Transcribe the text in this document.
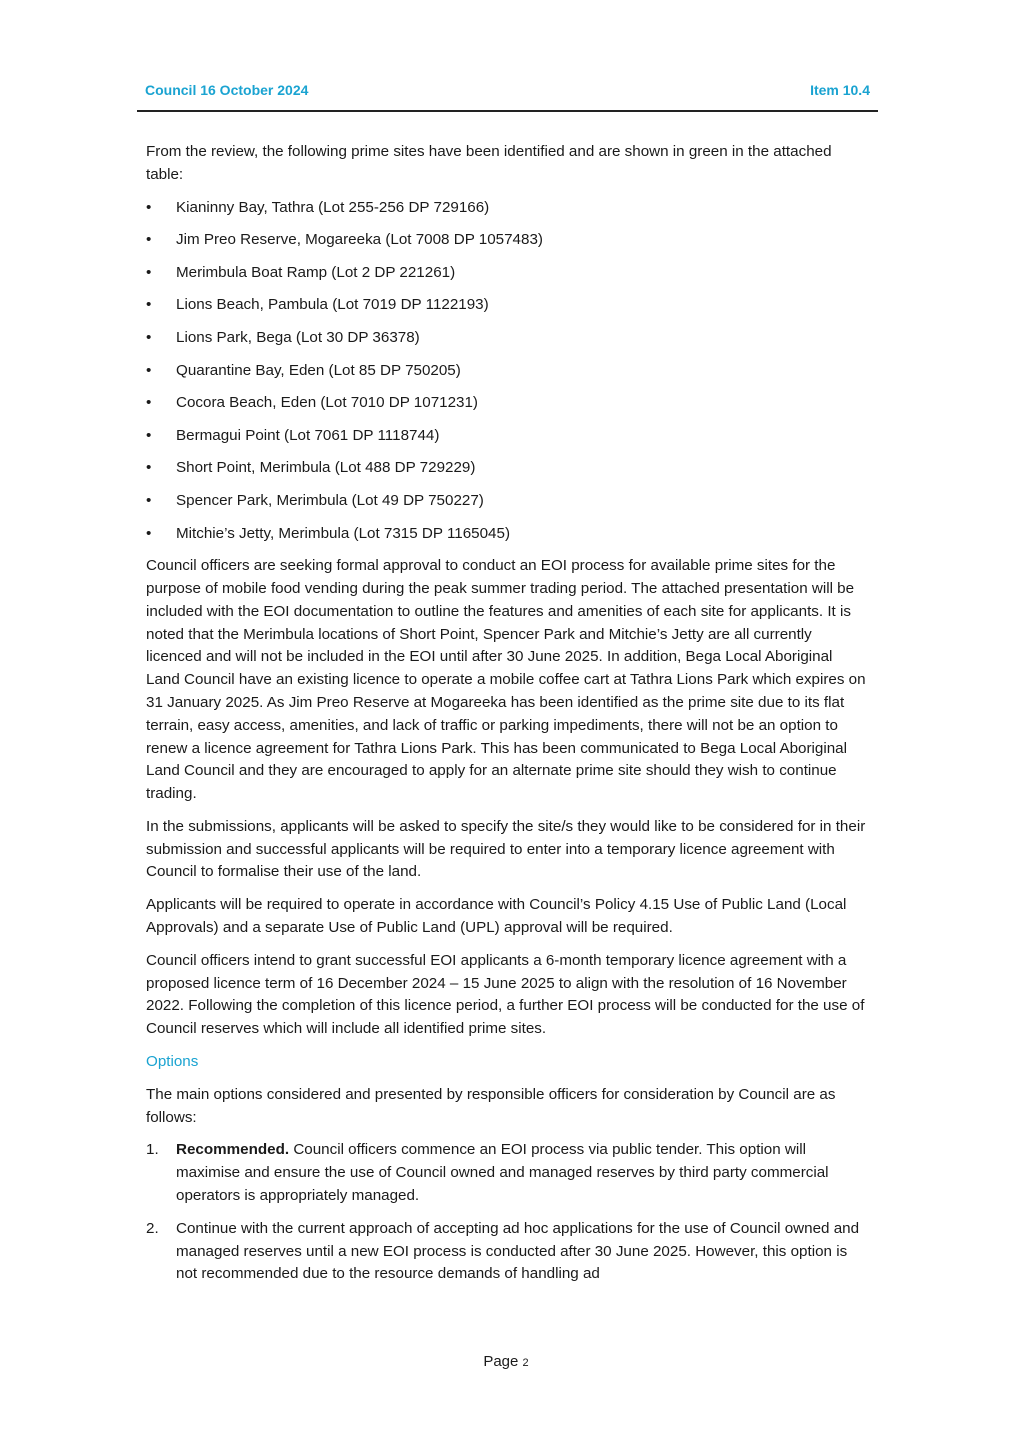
Council 16 October 2024	Item 10.4

From the review, the following prime sites have been identified and are shown in green in the attached table:

• Kianinny Bay, Tathra (Lot 255-256 DP 729166)
• Jim Preo Reserve, Mogareeka (Lot 7008 DP 1057483)
• Merimbula Boat Ramp (Lot 2 DP 221261)
• Lions Beach, Pambula (Lot 7019 DP 1122193)
• Lions Park, Bega (Lot 30 DP 36378)
• Quarantine Bay, Eden (Lot 85 DP 750205)
• Cocora Beach, Eden (Lot 7010 DP 1071231)
• Bermagui Point (Lot 7061 DP 1118744)
• Short Point, Merimbula (Lot 488 DP 729229)
• Spencer Park, Merimbula (Lot 49 DP 750227)
• Mitchie’s Jetty, Merimbula (Lot 7315 DP 1165045)

Council officers are seeking formal approval to conduct an EOI process for available prime sites for the purpose of mobile food vending during the peak summer trading period. The attached presentation will be included with the EOI documentation to outline the features and amenities of each site for applicants. It is noted that the Merimbula locations of Short Point, Spencer Park and Mitchie’s Jetty are all currently licenced and will not be included in the EOI until after 30 June 2025. In addition, Bega Local Aboriginal Land Council have an existing licence to operate a mobile coffee cart at Tathra Lions Park which expires on 31 January 2025. As Jim Preo Reserve at Mogareeka has been identified as the prime site due to its flat terrain, easy access, amenities, and lack of traffic or parking impediments, there will not be an option to renew a licence agreement for Tathra Lions Park. This has been communicated to Bega Local Aboriginal Land Council and they are encouraged to apply for an alternate prime site should they wish to continue trading.

In the submissions, applicants will be asked to specify the site/s they would like to be considered for in their submission and successful applicants will be required to enter into a temporary licence agreement with Council to formalise their use of the land.

Applicants will be required to operate in accordance with Council’s Policy 4.15 Use of Public Land (Local Approvals) and a separate Use of Public Land (UPL) approval will be required.

Council officers intend to grant successful EOI applicants a 6-month temporary licence agreement with a proposed licence term of 16 December 2024 – 15 June 2025 to align with the resolution of 16 November 2022. Following the completion of this licence period, a further EOI process will be conducted for the use of Council reserves which will include all identified prime sites.

Options

The main options considered and presented by responsible officers for consideration by Council are as follows:

1. Recommended. Council officers commence an EOI process via public tender. This option will maximise and ensure the use of Council owned and managed reserves by third party commercial operators is appropriately managed.
2. Continue with the current approach of accepting ad hoc applications for the use of Council owned and managed reserves until a new EOI process is conducted after 30 June 2025. However, this option is not recommended due to the resource demands of handling ad
Page 2
